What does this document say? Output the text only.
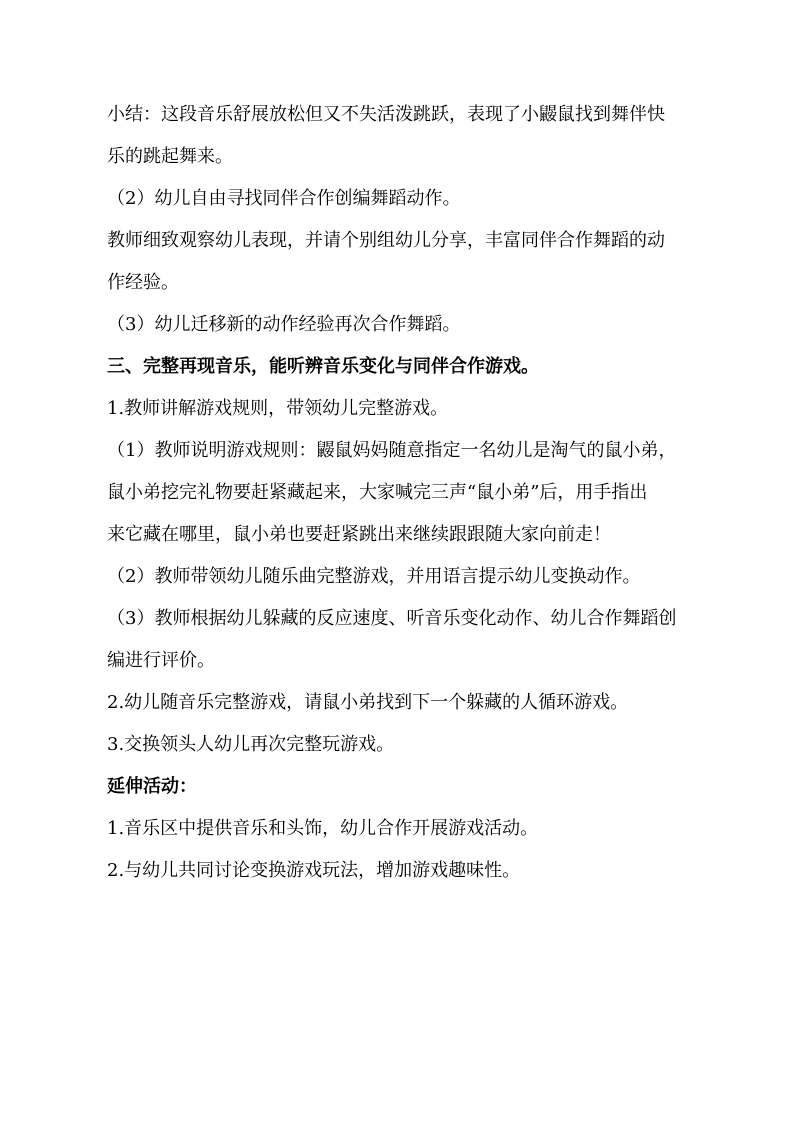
小结：这段音乐舒展放松但又不失活泼跳跃，表现了小鼹鼠找到舞伴快
乐的跳起舞来。
（2）幼儿自由寻找同伴合作创编舞蹈动作。
教师细致观察幼儿表现，并请个别组幼儿分享，丰富同伴合作舞蹈的动
作经验。
（3）幼儿迁移新的动作经验再次合作舞蹈。
三、完整再现音乐，能听辨音乐变化与同伴合作游戏。
1.教师讲解游戏规则，带领幼儿完整游戏。
（1）教师说明游戏规则：鼹鼠妈妈随意指定一名幼儿是淘气的鼠小弟，
鼠小弟挖完礼物要赶紧藏起来，大家喊完三声“鼠小弟”后，用手指出
来它藏在哪里，鼠小弟也要赶紧跳出来继续跟跟随大家向前走！
（2）教师带领幼儿随乐曲完整游戏，并用语言提示幼儿变换动作。
（3）教师根据幼儿躲藏的反应速度、听音乐变化动作、幼儿合作舞蹈创
编进行评价。
2.幼儿随音乐完整游戏，请鼠小弟找到下一个躲藏的人循环游戏。
3.交换领头人幼儿再次完整玩游戏。
延伸活动：
1.音乐区中提供音乐和头饰，幼儿合作开展游戏活动。
2.与幼儿共同讨论变换游戏玩法，增加游戏趣味性。
